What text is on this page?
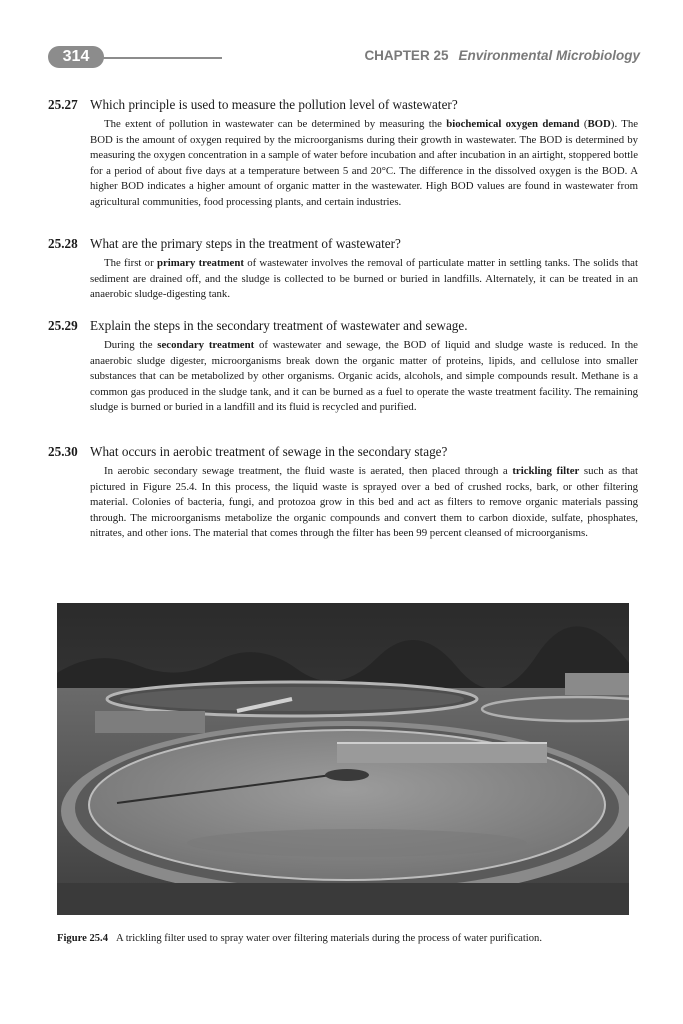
314	CHAPTER 25 Environmental Microbiology
25.27 Which principle is used to measure the pollution level of wastewater?
The extent of pollution in wastewater can be determined by measuring the biochemical oxygen demand (BOD). The BOD is the amount of oxygen required by the microorganisms during their growth in wastewater. The BOD is determined by measuring the oxygen concentration in a sample of water before incubation and after incubation in an airtight, stoppered bottle for a period of about five days at a temperature between 5 and 20°C. The difference in the dissolved oxygen is the BOD. A higher BOD indicates a higher amount of organic matter in the wastewater. High BOD values are found in wastewater from agricultural communities, food processing plants, and certain industries.
25.28 What are the primary steps in the treatment of wastewater?
The first or primary treatment of wastewater involves the removal of particulate matter in settling tanks. The solids that sediment are drained off, and the sludge is collected to be burned or buried in landfills. Alternately, it can be treated in an anaerobic sludge-digesting tank.
25.29 Explain the steps in the secondary treatment of wastewater and sewage.
During the secondary treatment of wastewater and sewage, the BOD of liquid and sludge waste is reduced. In the anaerobic sludge digester, microorganisms break down the organic matter of proteins, lipids, and cellulose into smaller substances that can be metabolized by other organisms. Organic acids, alcohols, and simple compounds result. Methane is a common gas produced in the sludge tank, and it can be burned as a fuel to operate the waste treatment facility. The remaining sludge is burned or buried in a landfill and its fluid is recycled and purified.
25.30 What occurs in aerobic treatment of sewage in the secondary stage?
In aerobic secondary sewage treatment, the fluid waste is aerated, then placed through a trickling filter such as that pictured in Figure 25.4. In this process, the liquid waste is sprayed over a bed of crushed rocks, bark, or other filtering material. Colonies of bacteria, fungi, and protozoa grow in this bed and act as filters to remove organic materials passing through. The microorganisms metabolize the organic compounds and convert them to carbon dioxide, sulfate, phosphates, nitrates, and other ions. The material that comes through the filter has been 99 percent cleansed of microorganisms.
Figure 25.4 A trickling filter used to spray water over filtering materials during the process of water purification.
